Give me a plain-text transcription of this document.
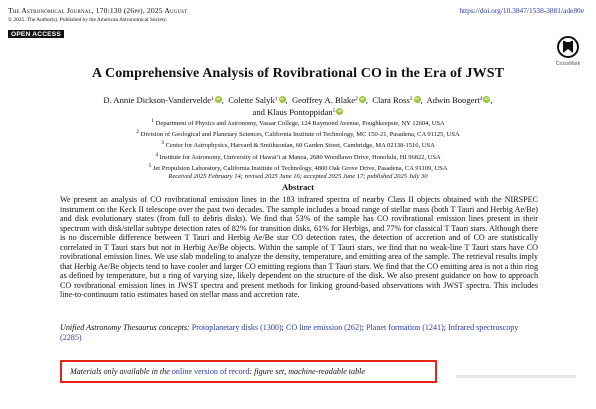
The Astronomical Journal, 170:130 (26pp), 2025 August
© 2025. The Author(s). Published by the American Astronomical Society.
OPEN ACCESS
https://doi.org/10.3847/1538-3881/ade80e
CrossMark
A Comprehensive Analysis of Rovibrational CO in the Era of JWST
D. Annie Dickson-Vandervelde$^1$ iD ,  Colette Salyk$^1$ iD ,  Geoffrey A. Blake$^2$ iD ,  Clara Ross$^3$ iD ,  Adwin Boogert$^4$ iD ,
and Klaus Pontoppidan$^5$iD
$^1$ Department of Physics and Astronomy, Vassar College, 124 Raymond Avenue, Poughkeepsie, NY 12604, USA
$^2$ Division of Geological and Planetary Sciences, California Institute of Technology, MC 150-21, Pasadena, CA 91125, USA
$^3$ Center for Astrophysics, Harvard & Smithsonian, 60 Garden Street, Cambridge, MA 02138-1516, USA
$^4$ Institute for Astronomy, University of Hawai‘i at Manoa, 2680 Woodlawn Drive, Honolulu, HI 96822, USA
$^5$ Jet Propulsion Laboratory, California Institute of Technology, 4800 Oak Grove Drive, Pasadena, CA 91109, USA
Received 2025 February 14; revised 2025 June 16; accepted 2025 June 17; published 2025 July 30
Abstract
We present an analysis of CO rovibrational emission lines in the 183 infrared spectra of nearby Class II objects obtained with the NIRSPEC instrument on the Keck II telescope over the past two decades. The sample includes a broad range of stellar mass (both T Tauri and Herbig Ae/Be) and disk evolutionary states (from full to debris disks). We find that 53% of the sample has CO rovibrational emission lines present in their spectrum with disk/stellar subtype detection rates of 82% for transition disks, 61% for Herbigs, and 77% for classical T Tauri stars. Although there is no discernible difference between T Tauri and Herbig Ae/Be star CO detection rates, the detection of accretion and of CO are statistically correlated in T Tauri stars but not in Herbig Ae/Be objects. Within the sample of T Tauri stars, we find that no weak-line T Tauri stars have CO rovibrational emission lines. We use slab modeling to analyze the density, temperature, and emitting area of the sample. The retrieval results imply that Herbig Ae/Be objects tend to have cooler and larger CO emitting regions than T Tauri stars. We find that the CO emitting area is not a thin ring as defined by temperature, but a ring of varying size, likely dependent on the structure of the disk. We also present guidance on how to approach CO rovibrational emission lines in JWST spectra and present methods for linking ground-based observations with JWST spectra. This includes line-to-continuum ratio estimates based on stellar mass and accretion rate.
Unified Astronomy Thesaurus concepts: Protoplanetary disks (1300); CO line emission (262); Planet formation (1241); Infrared spectroscopy (2285)
Materials only available in the online version of record: figure set, machine-readable table
